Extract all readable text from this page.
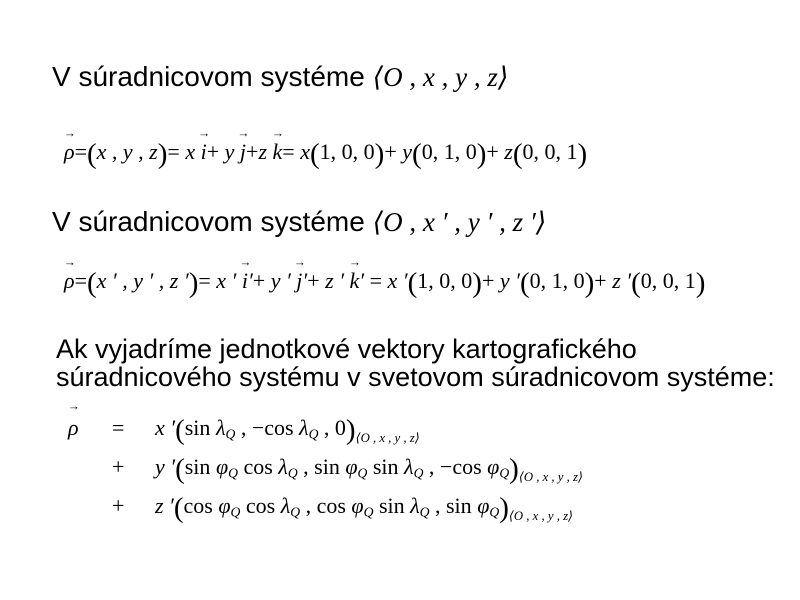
V súradnicovom systéme ⟨O , x , y , z⟩
→
ρ=(x , y , z)= x
→
i+ y
→
j+z
→
k= x(1, 0, 0)+ y(0, 1, 0)+ z(0, 0, 1)
V súradnicovom systéme ⟨O , x ′ , y ′ , z ′⟩
→
ρ=(x ′ , y ′ , z ′)= x ′
→
i′+ y ′
→
j′+ z ′
→
k′ = x ′(1, 0, 0)+ y ′(0, 1, 0)+ z ′(0, 0, 1)
Ak vyjadríme jednotkové vektory kartografického
súradnicového systému v svetovom súradnicovom systéme:
→
ρ = x ′(sin λQ , −cos λQ , $0)_{⟨O , x , y , z⟩}$
+ y ′(sin φQ cos λQ , sin φQ sin λQ , −cos $\varphi Q)_{⟨O , x , y , z⟩}$
+ z ′(cos φQ cos λQ , cos φQ sin λQ , $\sin \varphi Q)_{⟨O , x , y , z⟩}$
